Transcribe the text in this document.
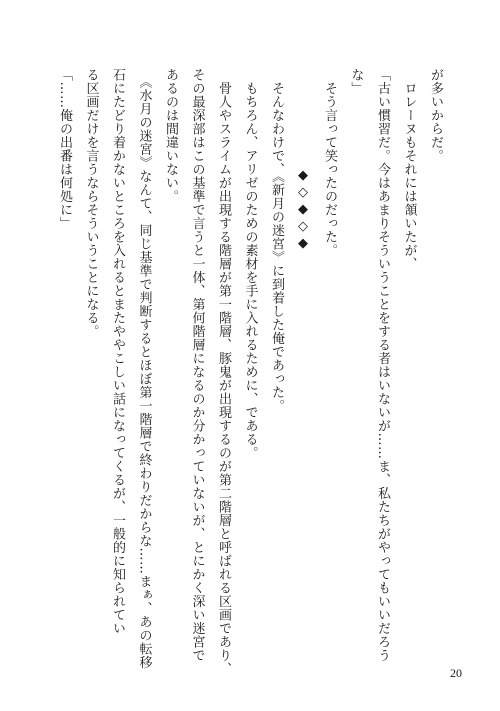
が多いからだ。
　ロレーヌもそれには頷いたが、
「古い慣習だ。今はあまりそういうことをする者はいないが……ま、私たちがやってもいいだろう
な」
　そう言って笑ったのだった。
◆◇◆◇◆
　そんなわけで、《新月の迷宮》に到着した俺であった。
　もちろん、アリゼのための素材を手に入れるために、である。
　骨人やスライムが出現する階層が第一階層、豚鬼が出現するのが第二階層と呼ばれる区画であり、
その最深部はこの基準で言うと一体、第何階層になるのか分かっていないが、とにかく深い迷宮で
あるのは間違いない。
　《水月の迷宮》なんて、同じ基準で判断するとほぼ第一階層で終わりだからな……まぁ、あの転移
石にたどり着かないところを入れるとまたややこしい話になってくるが、一般的に知られてい
る区画だけを言うならそういうことになる。
「……俺の出番は何処に」
20
